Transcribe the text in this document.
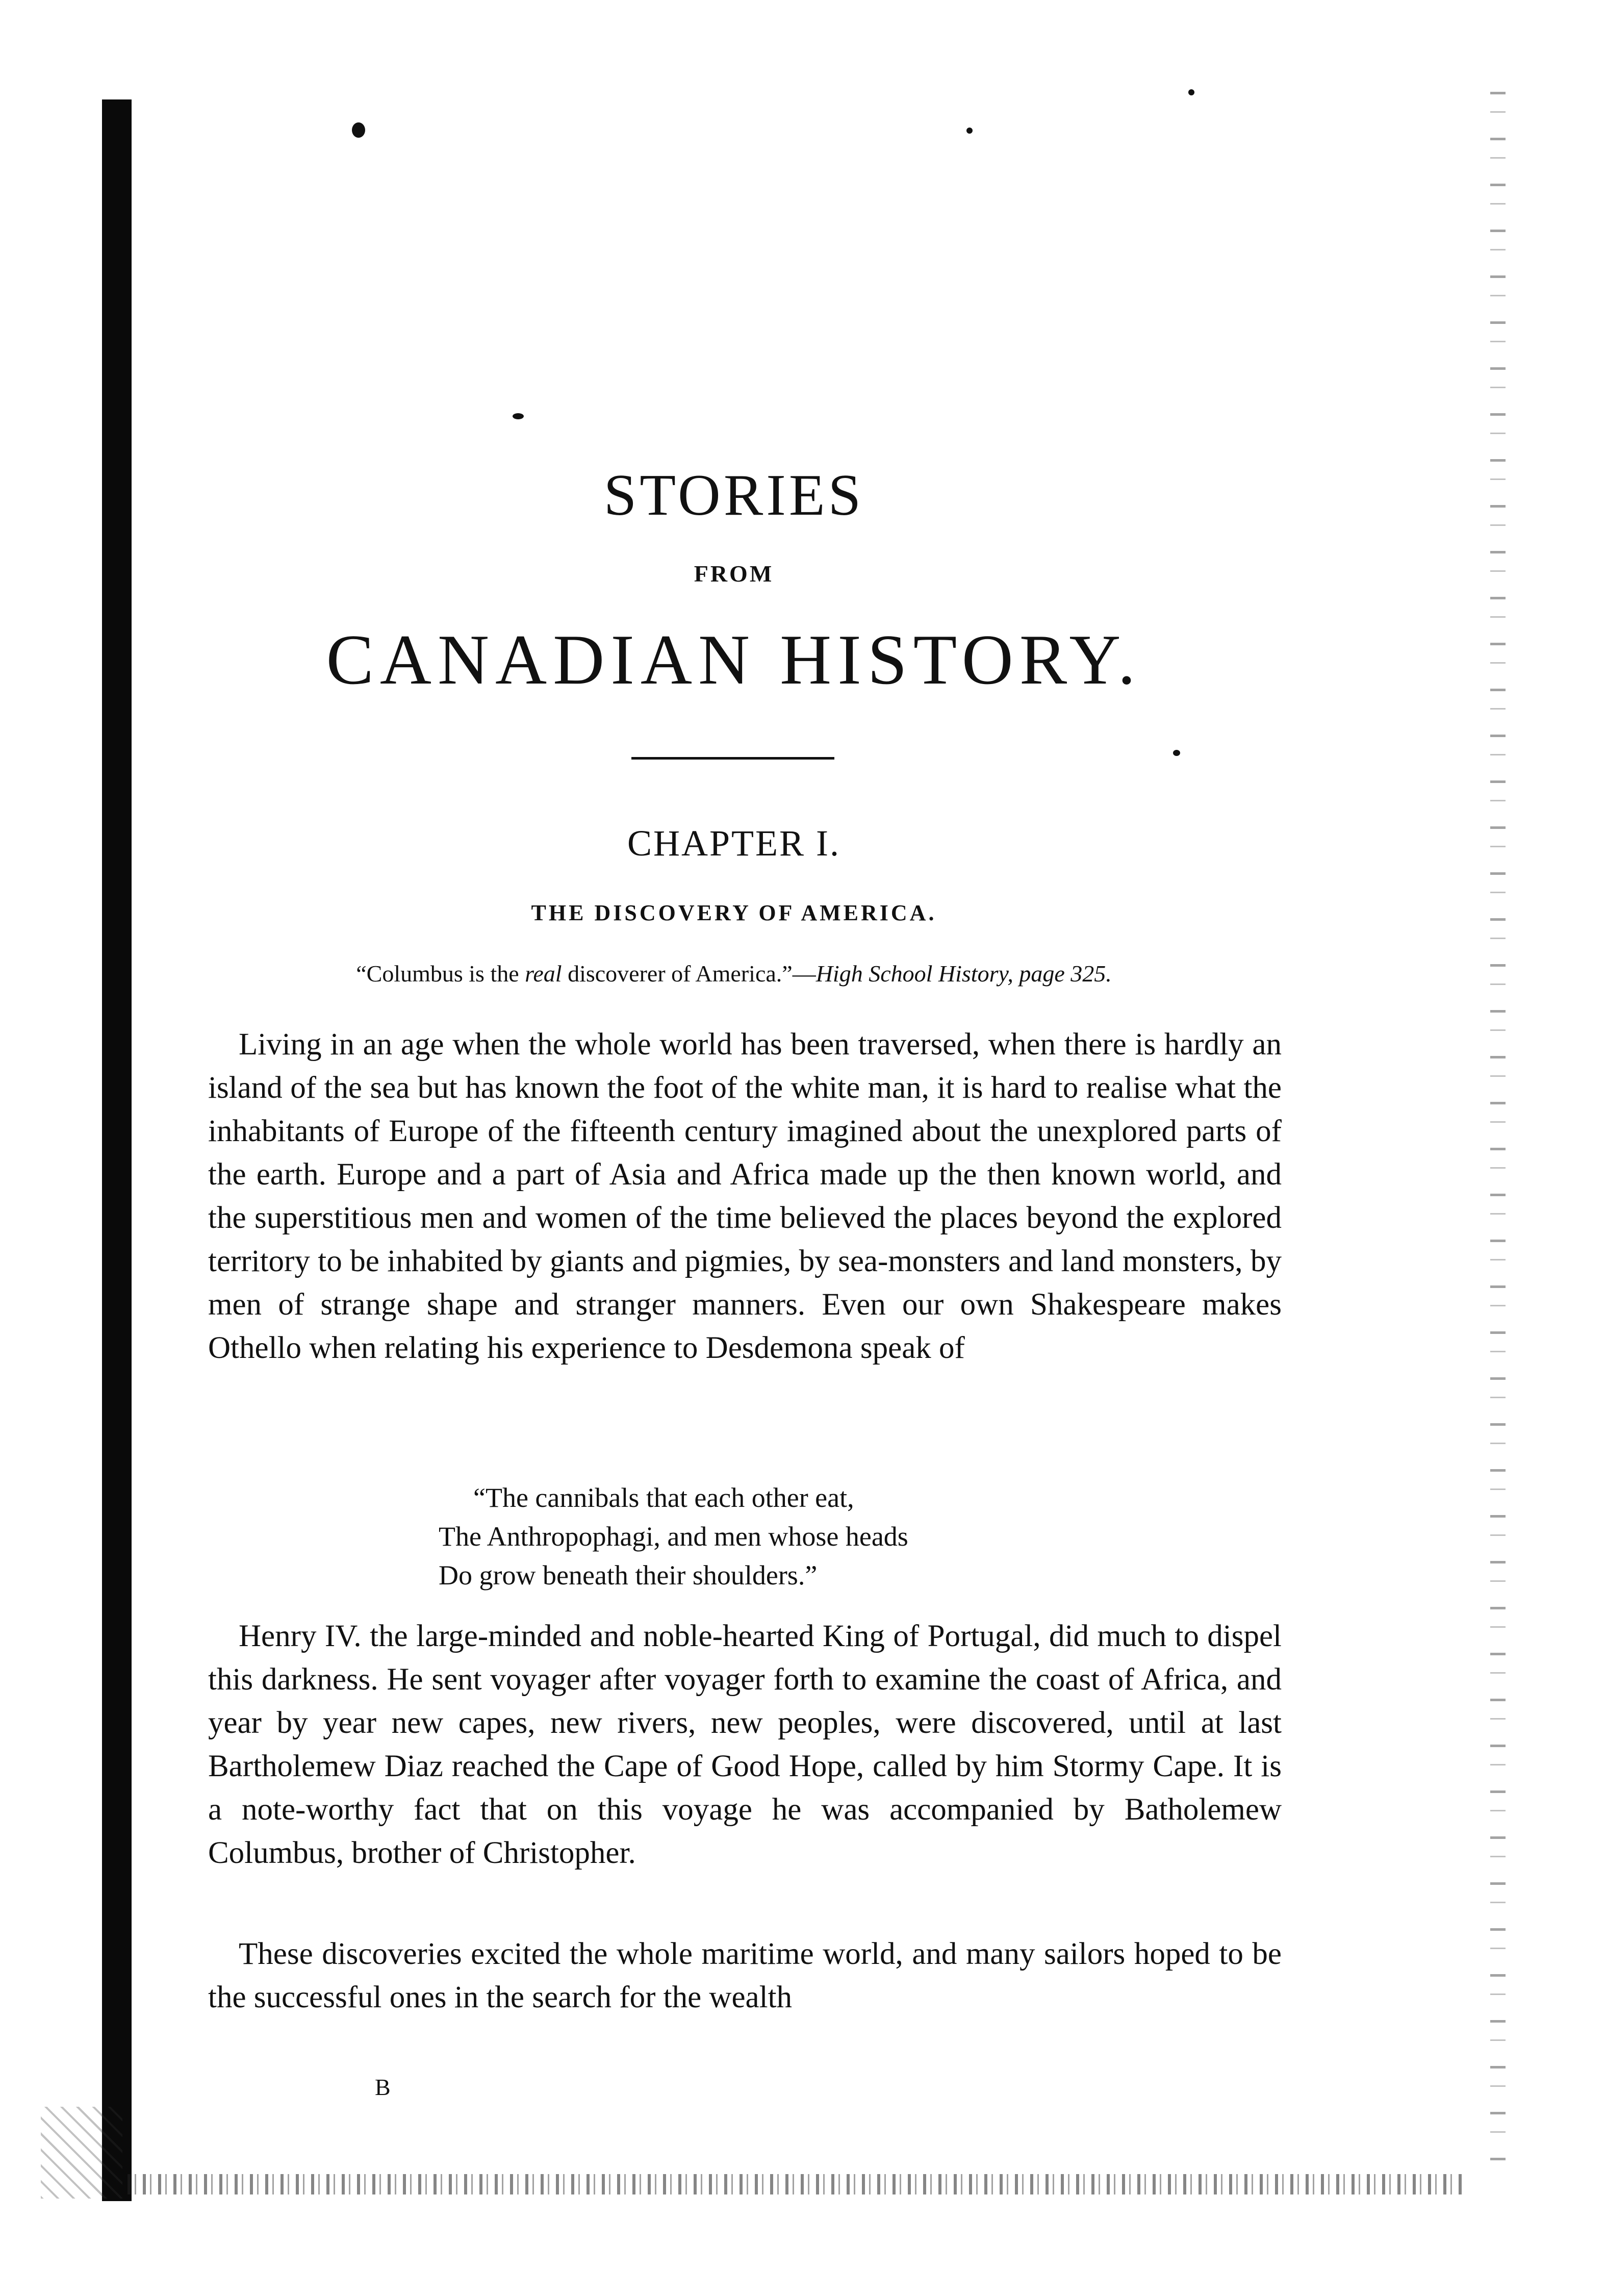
STORIES
FROM
CANADIAN HISTORY.
CHAPTER I.
THE DISCOVERY OF AMERICA.
“Columbus is the real discoverer of America.”—High School History, page 325.
Living in an age when the whole world has been traversed, when there is hardly an island of the sea but has known the foot of the white man, it is hard to realise what the inhabitants of Europe of the fifteenth century imagined about the unexplored parts of the earth. Europe and a part of Asia and Africa made up the then known world, and the superstitious men and women of the time believed the places beyond the explored territory to be inhabited by giants and pigmies, by sea-monsters and land monsters, by men of strange shape and stranger manners. Even our own Shakespeare makes Othello when relating his experience to Desdemona speak of
“The cannibals that each other eat,
The Anthropophagi, and men whose heads
Do grow beneath their shoulders.”
Henry IV. the large-minded and noble-hearted King of Portugal, did much to dispel this darkness. He sent voyager after voyager forth to examine the coast of Africa, and year by year new capes, new rivers, new peoples, were discovered, until at last Bartholemew Diaz reached the Cape of Good Hope, called by him Stormy Cape. It is a note-worthy fact that on this voyage he was accompanied by Batholemew Columbus, brother of Christopher.
These discoveries excited the whole maritime world, and many sailors hoped to be the successful ones in the search for the wealth
B
